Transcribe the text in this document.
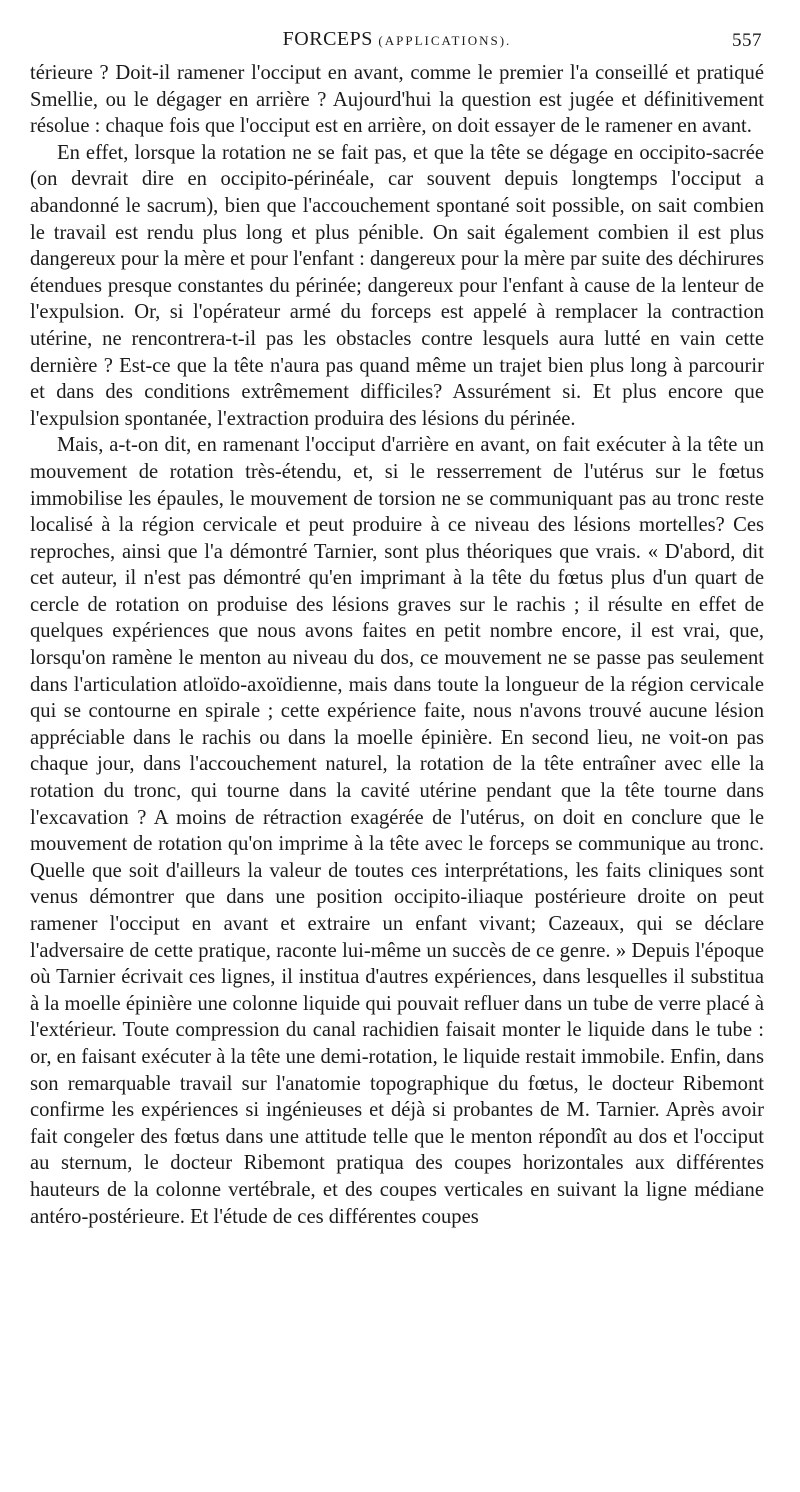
FORCEPS (APPLICATIONS).	557

térieure ? Doit-il ramener l'occiput en avant, comme le premier l'a conseillé et pratiqué Smellie, ou le dégager en arrière ? Aujourd'hui la question est jugée et définitivement résolue : chaque fois que l'occiput est en arrière, on doit essayer de le ramener en avant.

En effet, lorsque la rotation ne se fait pas, et que la tête se dégage en occipito-sacrée (on devrait dire en occipito-périnéale, car souvent depuis longtemps l'occiput a abandonné le sacrum), bien que l'accouchement spontané soit possible, on sait combien le travail est rendu plus long et plus pénible. On sait également combien il est plus dangereux pour la mère et pour l'enfant : dangereux pour la mère par suite des déchirures étendues presque constantes du périnée; dangereux pour l'enfant à cause de la lenteur de l'expulsion. Or, si l'opérateur armé du forceps est appelé à remplacer la contraction utérine, ne rencontrera-t-il pas les obstacles contre lesquels aura lutté en vain cette dernière ? Est-ce que la tête n'aura pas quand même un trajet bien plus long à parcourir et dans des conditions extrêmement difficiles? Assurément si. Et plus encore que l'expulsion spontanée, l'extraction produira des lésions du périnée.

Mais, a-t-on dit, en ramenant l'occiput d'arrière en avant, on fait exécuter à la tête un mouvement de rotation très-étendu, et, si le resserrement de l'utérus sur le fœtus immobilise les épaules, le mouvement de torsion ne se communiquant pas au tronc reste localisé à la région cervicale et peut produire à ce niveau des lésions mortelles? Ces reproches, ainsi que l'a démontré Tarnier, sont plus théoriques que vrais. « D'abord, dit cet auteur, il n'est pas démontré qu'en imprimant à la tête du fœtus plus d'un quart de cercle de rotation on produise des lésions graves sur le rachis ; il résulte en effet de quelques expériences que nous avons faites en petit nombre encore, il est vrai, que, lorsqu'on ramène le menton au niveau du dos, ce mouvement ne se passe pas seulement dans l'articulation atloïdo-axoïdienne, mais dans toute la longueur de la région cervicale qui se contourne en spirale ; cette expérience faite, nous n'avons trouvé aucune lésion appréciable dans le rachis ou dans la moelle épinière. En second lieu, ne voit-on pas chaque jour, dans l'accouchement naturel, la rotation de la tête entraîner avec elle la rotation du tronc, qui tourne dans la cavité utérine pendant que la tête tourne dans l'excavation ? A moins de rétraction exagérée de l'utérus, on doit en conclure que le mouvement de rotation qu'on imprime à la tête avec le forceps se communique au tronc. Quelle que soit d'ailleurs la valeur de toutes ces interprétations, les faits cliniques sont venus démontrer que dans une position occipito-iliaque postérieure droite on peut ramener l'occiput en avant et extraire un enfant vivant; Cazeaux, qui se déclare l'adversaire de cette pratique, raconte lui-même un succès de ce genre. » Depuis l'époque où Tarnier écrivait ces lignes, il institua d'autres expériences, dans lesquelles il substitua à la moelle épinière une colonne liquide qui pouvait refluer dans un tube de verre placé à l'extérieur. Toute compression du canal rachidien faisait monter le liquide dans le tube : or, en faisant exécuter à la tête une demi-rotation, le liquide restait immobile. Enfin, dans son remarquable travail sur l'anatomie topographique du fœtus, le docteur Ribemont confirme les expériences si ingénieuses et déjà si probantes de M. Tarnier. Après avoir fait congeler des fœtus dans une attitude telle que le menton répondît au dos et l'occiput au sternum, le docteur Ribemont pratiqua des coupes horizontales aux différentes hauteurs de la colonne vertébrale, et des coupes verticales en suivant la ligne médiane antéro-postérieure. Et l'étude de ces différentes coupes
